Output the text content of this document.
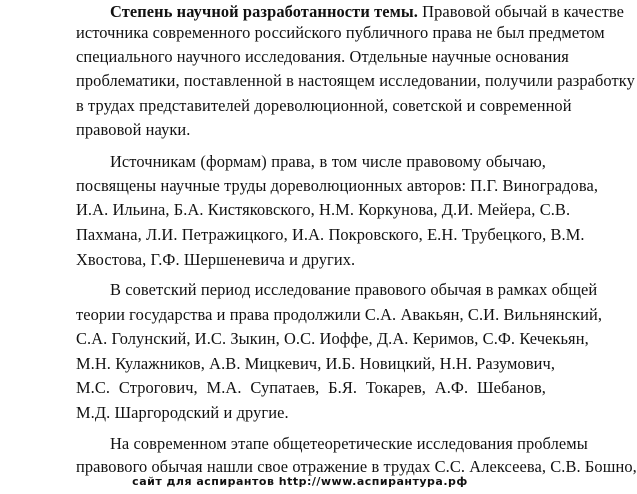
Степень научной разработанности темы. Правовой обычай в качестве
источника современного российского публичного права не был предметом
специального научного исследования. Отдельные научные основания
проблематики, поставленной в настоящем исследовании, получили разработку
в трудах представителей дореволюционной, советской и современной
правовой науки.
Источникам (формам) права, в том числе правовому обычаю,
посвящены научные труды дореволюционных авторов: П.Г. Виноградова,
И.А. Ильина, Б.А. Кистяковского, Н.М. Коркунова, Д.И. Мейера, С.В.
Пахмана, Л.И. Петражицкого, И.А. Покровского, Е.Н. Трубецкого, В.М.
Хвостова, Г.Ф. Шершеневича и других.
В советский период исследование правового обычая в рамках общей
теории государства и права продолжили С.А. Авакьян, С.И. Вильнянский,
С.А. Голунский, И.С. Зыкин, О.С. Иоффе, Д.А. Керимов, С.Ф. Кечекьян,
М.Н. Кулажников, А.В. Мицкевич, И.Б. Новицкий, Н.Н. Разумович,
М.С. Строгович, М.А. Супатаев, Б.Я. Токарев, А.Ф. Шебанов,
М.Д. Шаргородский и другие.
На современном этапе общетеоретические исследования проблемы
правового обычая нашли свое отражение в трудах С.С. Алексеева, С.В. Бошно,
сайт для аспирантов http://www.аспирантура.рф
